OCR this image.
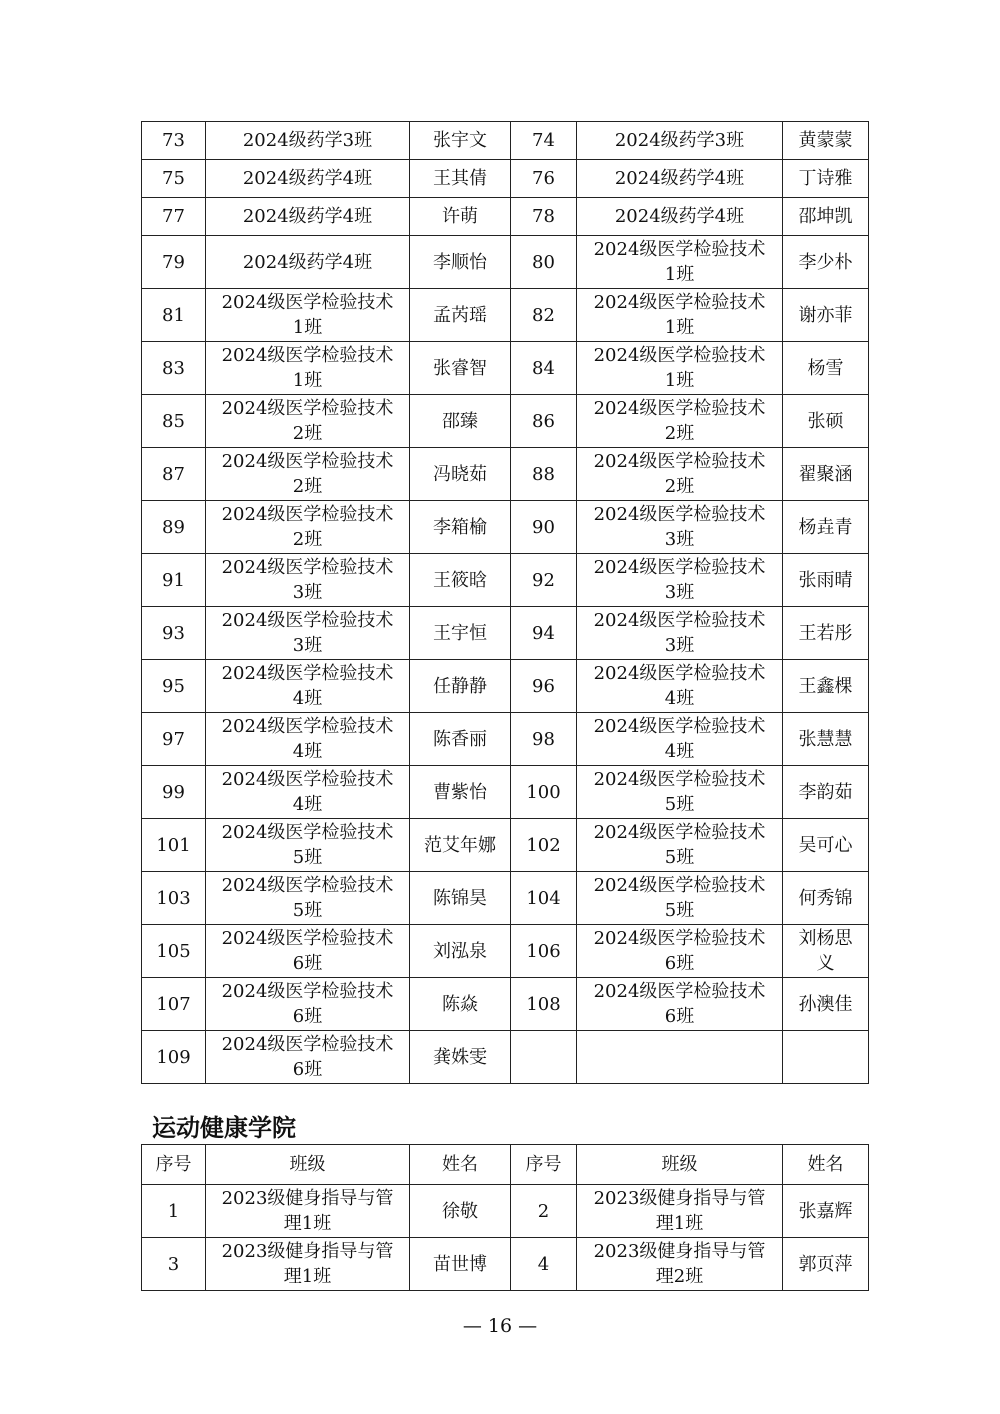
73	2024级药学3班	张宇文	74	2024级药学3班	黄蒙蒙
75	2024级药学4班	王其倩	76	2024级药学4班	丁诗雅
77	2024级药学4班	许萌	78	2024级药学4班	邵坤凯
79	2024级药学4班	李顺怡	80	2024级医学检验技术1班	李少朴
81	2024级医学检验技术1班	孟芮瑶	82	2024级医学检验技术1班	谢亦菲
83	2024级医学检验技术1班	张睿智	84	2024级医学检验技术1班	杨雪
85	2024级医学检验技术2班	邵臻	86	2024级医学检验技术2班	张硕
87	2024级医学检验技术2班	冯晓茹	88	2024级医学检验技术2班	翟聚涵
89	2024级医学检验技术2班	李箱榆	90	2024级医学检验技术3班	杨垚青
91	2024级医学检验技术3班	王筱晗	92	2024级医学检验技术3班	张雨晴
93	2024级医学检验技术3班	王宇恒	94	2024级医学检验技术3班	王若彤
95	2024级医学检验技术4班	任静静	96	2024级医学检验技术4班	王鑫棵
97	2024级医学检验技术4班	陈香丽	98	2024级医学检验技术4班	张慧慧
99	2024级医学检验技术4班	曹紫怡	100	2024级医学检验技术5班	李韵茹
101	2024级医学检验技术5班	范艾年娜	102	2024级医学检验技术5班	吴可心
103	2024级医学检验技术5班	陈锦昊	104	2024级医学检验技术5班	何秀锦
105	2024级医学检验技术6班	刘泓泉	106	2024级医学检验技术6班	刘杨思义
107	2024级医学检验技术6班	陈焱	108	2024级医学检验技术6班	孙澳佳
109	2024级医学检验技术6班	龚姝雯			
运动健康学院
序号	班级	姓名	序号	班级	姓名
1	2023级健身指导与管理1班	徐敬	2	2023级健身指导与管理1班	张嘉辉
3	2023级健身指导与管理1班	苗世博	4	2023级健身指导与管理2班	郭页萍
— 16 —
